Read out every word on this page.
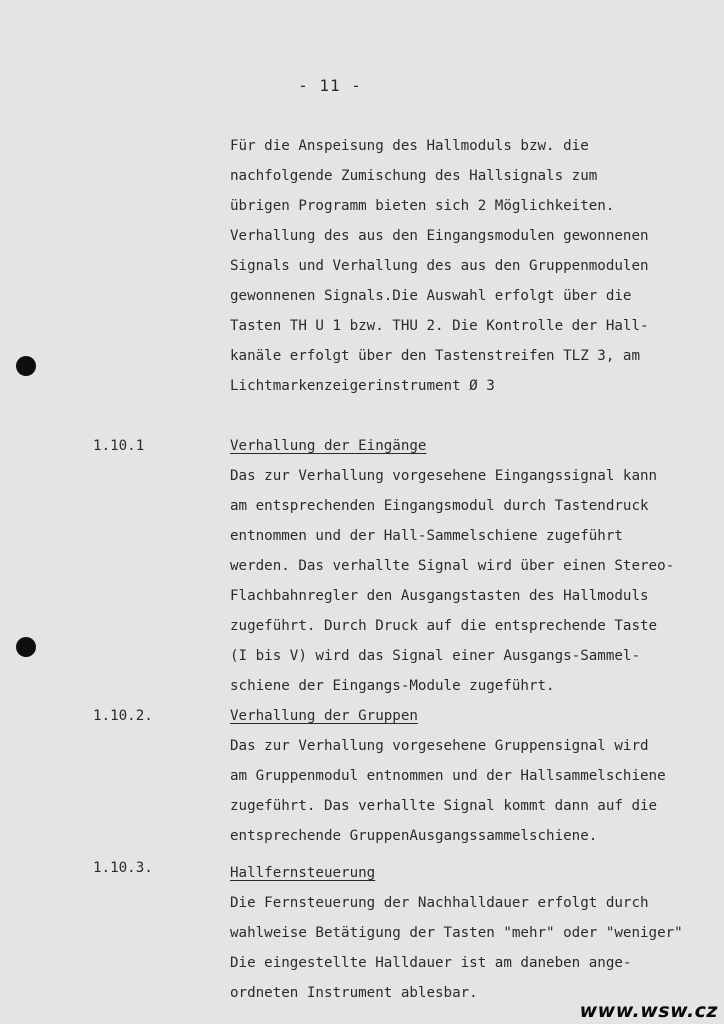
- 11 -
Für die Anspeisung des Hallmoduls bzw. die
nachfolgende Zumischung des Hallsignals zum
übrigen Programm bieten sich 2 Möglichkeiten.
Verhallung des aus den Eingangsmodulen gewonnenen
Signals und Verhallung des aus den Gruppenmodulen
gewonnenen Signals.Die Auswahl erfolgt über die
Tasten TH U 1 bzw. THU 2. Die Kontrolle der Hall-
kanäle erfolgt über den Tastenstreifen TLZ 3, am
Lichtmarkenzeigerinstrument Ø 3
1.10.1	Verhallung der Eingänge
Das zur Verhallung vorgesehene Eingangssignal kann
am entsprechenden Eingangsmodul durch Tastendruck
entnommen und der Hall-Sammelschiene zugeführt
werden. Das verhallte Signal wird über einen Stereo-
Flachbahnregler den Ausgangstasten des Hallmoduls
zugeführt. Durch Druck auf die entsprechende Taste
(I bis V) wird das Signal einer Ausgangs-Sammel-
schiene der Eingangs-Module zugeführt.
1.10.2.	Verhallung der Gruppen
Das zur Verhallung vorgesehene Gruppensignal wird
am Gruppenmodul entnommen und der Hallsammelschiene
zugeführt. Das verhallte Signal kommt dann auf die
entsprechende GruppenAusgangssammelschiene.
1.10.3.	Hallfernsteuerung
Die Fernsteuerung der Nachhalldauer erfolgt durch
wahlweise Betätigung der Tasten "mehr" oder "weniger"
Die eingestellte Halldauer ist am daneben ange-
ordneten Instrument ablesbar.
www.wsw.cz
